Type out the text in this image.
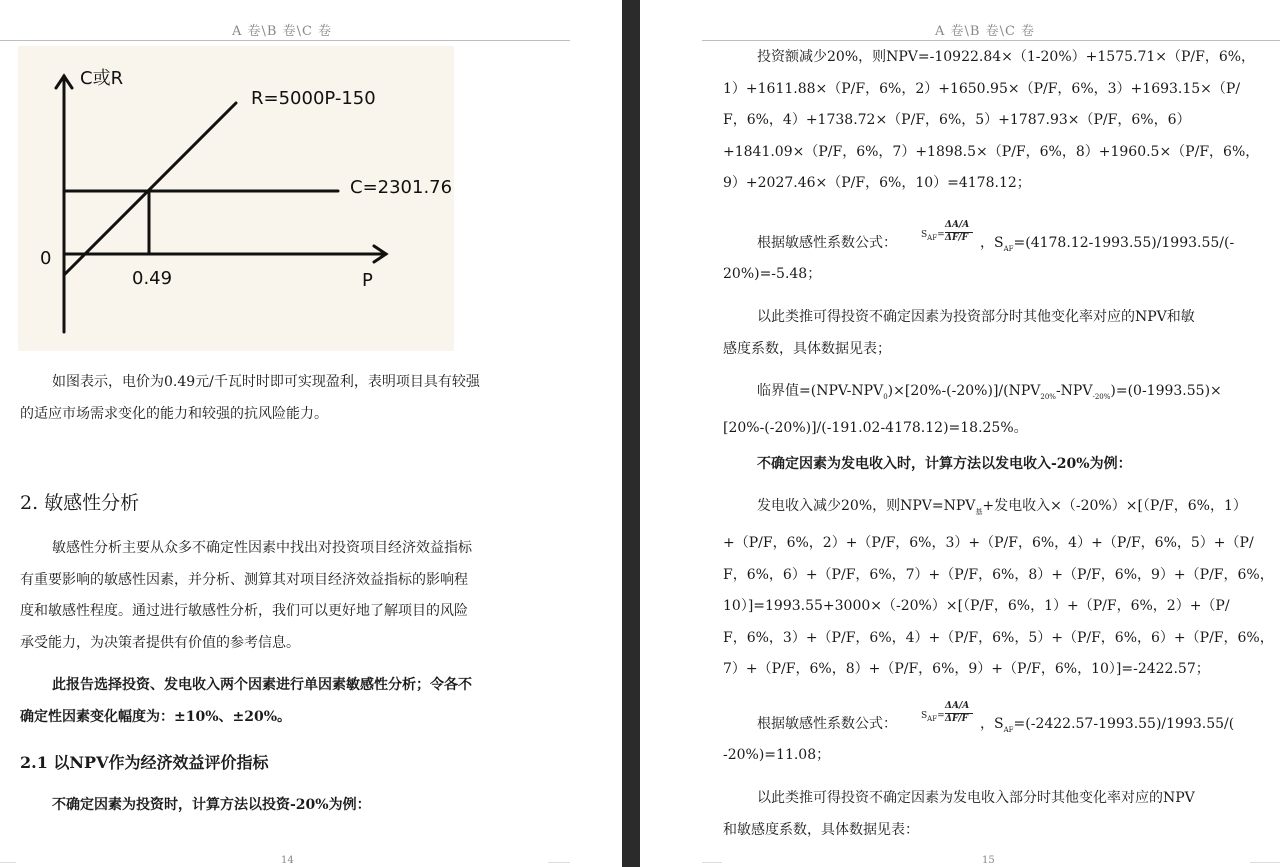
A 卷\B 卷\C 卷
C或R
R=5000P-150
C=2301.76
0
0.49	P
如图表示，电价为0.49元/千瓦时时即可实现盈利，表明项目具有较强
的适应市场需求变化的能力和较强的抗风险能力。
2. 敏感性分析
敏感性分析主要从众多不确定性因素中找出对投资项目经济效益指标
有重要影响的敏感性因素，并分析、测算其对项目经济效益指标的影响程
度和敏感性程度。通过进行敏感性分析，我们可以更好地了解项目的风险
承受能力，为决策者提供有价值的参考信息。
此报告选择投资、发电收入两个因素进行单因素敏感性分析；令各不
确定性因素变化幅度为：±10%、±20%。
2.1 以NPV作为经济效益评价指标
不确定因素为投资时，计算方法以投资-20%为例：
14
A 卷\B 卷\C 卷
投资额减少20%，则NPV=-10922.84×（1-20%）+1575.71×（P/F，6%，
1）+1611.88×（P/F，6%，2）+1650.95×（P/F，6%，3）+1693.15×（P/
F，6%，4）+1738.72×（P/F，6%，5）+1787.93×（P/F，6%，6）
+1841.09×（P/F，6%，7）+1898.5×（P/F，6%，8）+1960.5×（P/F，6%，
9）+2027.46×（P/F，6%，10）=4178.12；
根据敏感性系数公式：	$S_{AF}=$
ΔA/A
ΔF/F ，$S_{AF}=(4178.12-1993.55)/1993.55/(-$
20%)=-5.48；
以此类推可得投资不确定因素为投资部分时其他变化率对应的NPV和敏
感度系数，具体数据见表；
临界值$=(NPV-NPV_0)\times[20\%-(-20\%)]/(NPV_{20\%}-NPV_{-20\%})=(0-1993.55)\times$
[20%-(-20%)]/(-191.02-4178.12)=18.25%。
不确定因素为发电收入时，计算方法以发电收入-20%为例：
发电收入减少20%，则$NPV=NPV_基+$发电收入×（-20%）×[（P/F，6%，1）
+（P/F，6%，2）+（P/F，6%，3）+（P/F，6%，4）+（P/F，6%，5）+（P/
F，6%，6）+（P/F，6%，7）+（P/F，6%，8）+（P/F，6%，9）+（P/F，6%，
10）]=1993.55+3000×（-20%）×[（P/F，6%，1）+（P/F，6%，2）+（P/
F，6%，3）+（P/F，6%，4）+（P/F，6%，5）+（P/F，6%，6）+（P/F，6%，
7）+（P/F，6%，8）+（P/F，6%，9）+（P/F，6%，10）]=-2422.57；
根据敏感性系数公式：	$S_{AF}=$
ΔA/A
ΔF/F ，$S_{AF}=(-2422.57-1993.55)/1993.55/$(
-20%)=11.08；
以此类推可得投资不确定因素为发电收入部分时其他变化率对应的NPV
和敏感度系数，具体数据见表：
15
